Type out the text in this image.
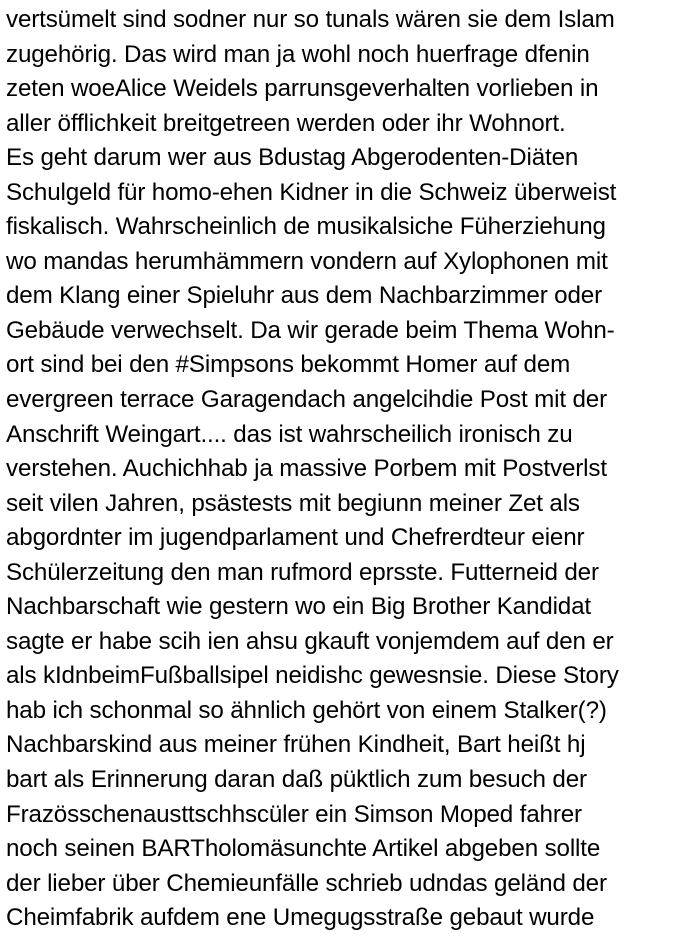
vertsümelt sind sodner nur so tunals wären sie dem Islam
zugehörig. Das wird man ja wohl noch huerfrage dfenin
zeten woeAlice Weidels parrunsgeverhalten vorlieben in
aller öfflichkeit breitgetreen werden oder ihr Wohnort.
Es geht darum wer aus Bdustag Abgerodenten-Diäten
Schulgeld für homo-ehen Kidner in die Schweiz überweist
fiskalisch. Wahrscheinlich de musikalsiche Füherziehung
wo mandas herumhämmern vondern auf Xylophonen mit
dem Klang einer Spieluhr aus dem Nachbarzimmer oder
Gebäude verwechselt. Da wir gerade beim Thema Wohn-
ort sind bei den #Simpsons bekommt Homer auf dem
evergreen terrace Garagendach angelcihdie Post mit der
Anschrift Weingart.... das ist wahrscheilich ironisch zu
verstehen. Auchichhab ja massive Porbem mit Postverlst
seit vilen Jahren, psästests mit begiunn meiner Zet als
abgordnter im jugendparlament und Chefrerdteur eienr
Schülerzeitung den man rufmord eprsste. Futterneid der
Nachbarschaft wie gestern wo ein Big Brother Kandidat
sagte er habe scih ien ahsu gkauft vonjemdem auf den er
als kIdnbeimFußballsipel neidishc gewesnsie. Diese Story
hab ich schonmal so ähnlich gehört von einem Stalker(?)
Nachbarskind aus meiner frühen Kindheit, Bart heißt hj
bart als Erinnerung daran daß püktlich zum besuch der
Frazösschenausttschhscüler ein Simson Moped fahrer
noch seinen BARTholomäsunchte Artikel abgeben sollte
der lieber über Chemieunfälle schrieb udndas geländ der
Cheimfabrik aufdem ene Umegugsstraße gebaut wurde
